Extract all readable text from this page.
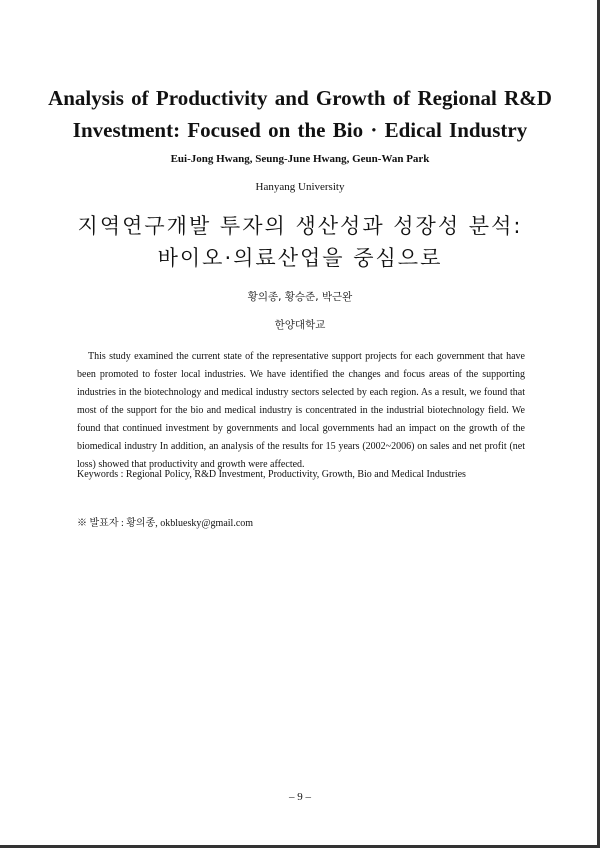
Analysis of Productivity and Growth of Regional R&D Investment: Focused on the Bio · Edical Industry
Eui-Jong Hwang, Seung-June Hwang, Geun-Wan Park
Hanyang University
지역연구개발 투자의 생산성과 성장성 분석:
바이오·의료산업을 중심으로
황의종, 황승준, 박근완
한양대학교
This study examined the current state of the representative support projects for each government that have been promoted to foster local industries. We have identified the changes and focus areas of the supporting industries in the biotechnology and medical industry sectors selected by each region. As a result, we found that most of the support for the bio and medical industry is concentrated in the industrial biotechnology field. We found that continued investment by governments and local governments had an impact on the growth of the biomedical industry In addition, an analysis of the results for 15 years (2002~2006) on sales and net profit (net loss) showed that productivity and growth were affected.
Keywords : Regional Policy, R&D Investment, Productivity, Growth, Bio and Medical Industries
※ 발표자 : 황의종, okbluesky@gmail.com
– 9 –
